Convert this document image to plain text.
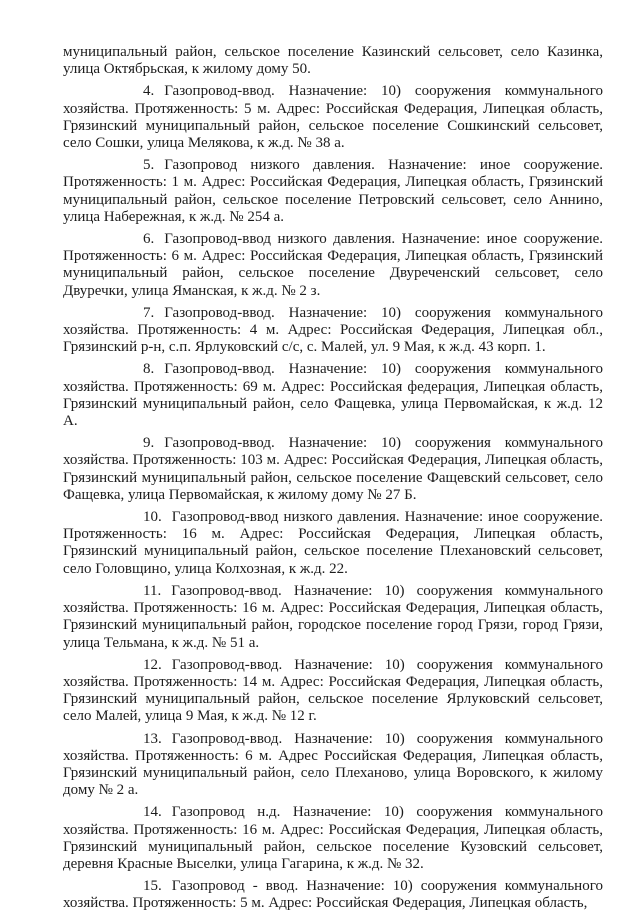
муниципальный район, сельское поселение Казинский сельсовет, село Казинка, улица Октябрьская, к жилому дому 50.

4. Газопровод-ввод. Назначение: 10) сооружения коммунального хозяйства. Протяженность: 5 м. Адрес: Российская Федерация, Липецкая область, Грязинский муниципальный район, сельское поселение Сошкинский сельсовет, село Сошки, улица Мелякова, к ж.д. № 38 а.

5. Газопровод низкого давления. Назначение: иное сооружение. Протяженность: 1 м. Адрес: Российская Федерация, Липецкая область, Грязинский муниципальный район, сельское поселение Петровский сельсовет, село Аннино, улица Набережная, к ж.д. № 254 а.

6. Газопровод-ввод низкого давления. Назначение: иное сооружение. Протяженность: 6 м. Адрес: Российская Федерация, Липецкая область, Грязинский муниципальный район, сельское поселение Двуреченский сельсовет, село Двуречки, улица Яманская, к ж.д. № 2 з.

7. Газопровод-ввод. Назначение: 10) сооружения коммунального хозяйства. Протяженность: 4 м. Адрес: Российская Федерация, Липецкая обл., Грязинский р-н, с.п. Ярлуковский с/с, с. Малей, ул. 9 Мая, к ж.д. 43 корп. 1.

8. Газопровод-ввод. Назначение: 10) сооружения коммунального хозяйства. Протяженность: 69 м. Адрес: Российская федерация, Липецкая область, Грязинский муниципальный район, село Фащевка, улица Первомайская, к ж.д. 12 А.

9. Газопровод-ввод. Назначение: 10) сооружения коммунального хозяйства. Протяженность: 103 м. Адрес: Российская Федерация, Липецкая область, Грязинский муниципальный район, сельское поселение Фащевский сельсовет, село Фащевка, улица Первомайская, к жилому дому № 27 Б.

10. Газопровод-ввод низкого давления. Назначение: иное сооружение. Протяженность: 16 м. Адрес: Российская Федерация, Липецкая область, Грязинский муниципальный район, сельское поселение Плехановский сельсовет, село Головщино, улица Колхозная, к ж.д. 22.

11. Газопровод-ввод. Назначение: 10) сооружения коммунального хозяйства. Протяженность: 16 м. Адрес: Российская Федерация, Липецкая область, Грязинский муниципальный район, городское поселение город Грязи, город Грязи, улица Тельмана, к ж.д. № 51 а.

12. Газопровод-ввод. Назначение: 10) сооружения коммунального хозяйства. Протяженность: 14 м. Адрес: Российская Федерация, Липецкая область, Грязинский муниципальный район, сельское поселение Ярлуковский сельсовет, село Малей, улица 9 Мая, к ж.д. № 12 г.

13. Газопровод-ввод. Назначение: 10) сооружения коммунального хозяйства. Протяженность: 6 м. Адрес Российская Федерация, Липецкая область, Грязинский муниципальный район, село Плеханово, улица Воровского, к жилому дому № 2 а.

14. Газопровод н.д. Назначение: 10) сооружения коммунального хозяйства. Протяженность: 16 м. Адрес: Российская Федерация, Липецкая область, Грязинский муниципальный район, сельское поселение Кузовский сельсовет, деревня Красные Выселки, улица Гагарина, к ж.д. № 32.

15. Газопровод - ввод. Назначение: 10) сооружения коммунального хозяйства. Протяженность: 5 м. Адрес: Российская Федерация, Липецкая область,
